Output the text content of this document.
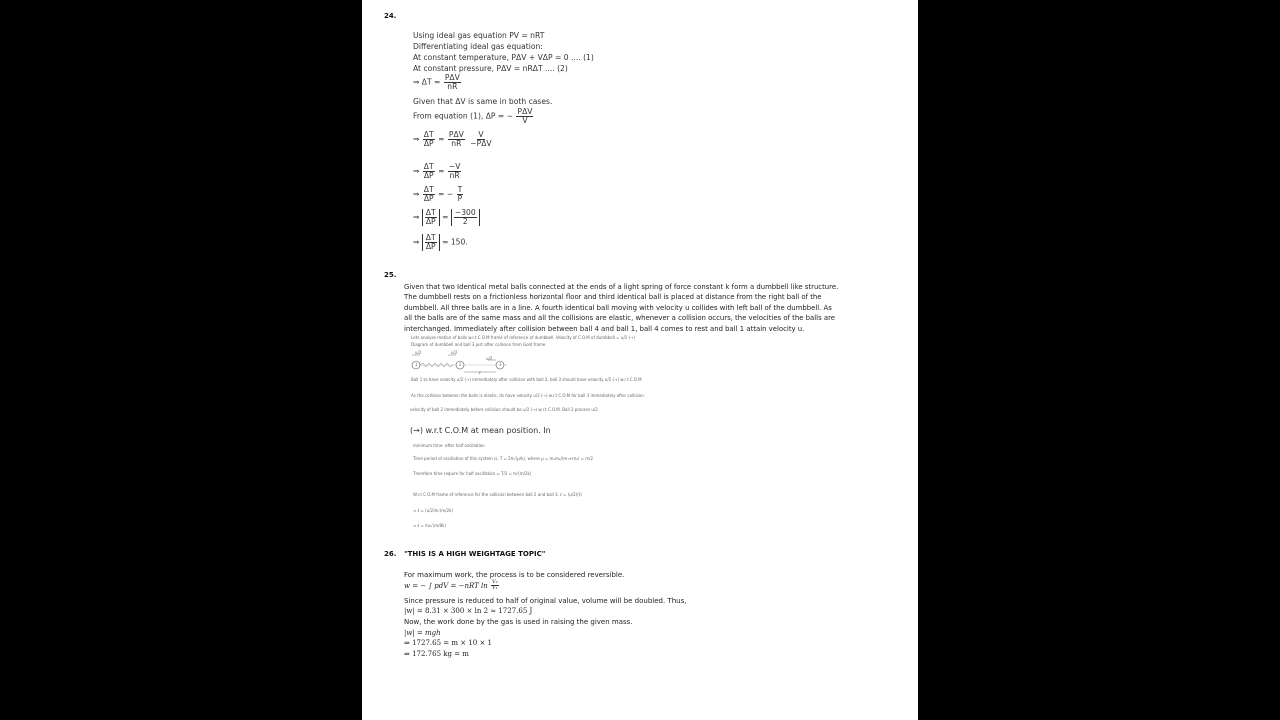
24.
Using ideal gas equation PV = nRT
Differentiating ideal gas equation:
At constant temperature, PΔV + VΔP = 0 .... (1)
At constant pressure, PΔV = nRΔT .... (2)
⇒ $\Delta T = \frac{\text{PΔV}}{nR}$
Given that ΔV is same in both cases.
From equation (1), ΔP = − $\frac{\text{PΔV}}{V}$
⇒ $\frac{\Delta T}{\Delta P} = \frac{\text{PΔV}}{nR}$
$\frac{V}{\text{−PΔV}}$
⇒ $\frac{\Delta T}{\Delta P} = \frac{-V}{nR}$
⇒ $\frac{\Delta T}{\Delta P}$ = − $\frac{T}{P}$
⇒ $\frac{\Delta T}{\Delta P} = \frac{-300}{2}$
⇒ $\frac{\Delta T}{\Delta P} = 150$.
25.
Given that two Identical metal balls connected at the ends of a light spring of force constant k form a dumbbell like structure. The dumbbell rests on a frictionless horizontal floor and third identical ball is placed at distance from the right ball of the dumbbell. All three balls are in a line. A fourth identical ball moving with velocity u collides with left ball of the dumbbell. As all the balls are of the same mass and all the collisions are elastic, whenever a collision occurs, the velocities of the balls are interchanged. Immediately after collision between ball 4 and ball 1, ball 4 comes to rest and ball 1 attain velocity u.
Lets analyse motion of balls w.r.t C.O.M frame of reference of dumbbell. Velocity of C.O.M of dumbbell = u/2 (→)
Diagram of dumbbell and ball 3 just after collision from Gold frame
u/2	u/2
u/2
1	2	3
ℓ
Ball 1 to have velocity u/2 (→) immediately after collision with ball 2, ball 3 should have velocity u/2 (→) w.r.t C.O.M
As the collision between the balls is elastic, its have velocity u/2 (→) w.r.t C.O.M for ball 3 immediately after collision.
velocity of ball 2 immediately before collision should be u/2 (→) w.r.t C.O.M. Ball 2 process u/2
(→) w.r.t C.O.M at mean position. In
minimum time- after half oscillation
Time period of oscillation of this system is, T = 2π√(μ/k), where μ = m₁m₂/(m₁+m₂) = m/2
Therefore time require for half oscillation = T/2 = π√(m/2k)
W.r.t C.O.M frame of reference for the collision between ball 2 and ball 3, ℓ = (u/2)(t)
⇒ ℓ = (u/2)π√(m/2k)
⇒ ℓ = πu√(m/8k)
26. "THIS IS A HIGH WEIGHTAGE TOPIC"
For maximum work, the process is to be considered reversible.
w = − ∫ pdV = −nRT $\ln \frac{\text{V₂}}{\text{V₁}}$
Since pressure is reduced to half of original value, volume will be doubled. Thus,
|w| = 8.31 × 300 × ln 2 ≈ 1727.65 J
Now, the work done by the gas is used in raising the given mass.
|w| = mgh
⇒ 1727.65 = m × 10 × 1
⇒ 172.765 kg = m
